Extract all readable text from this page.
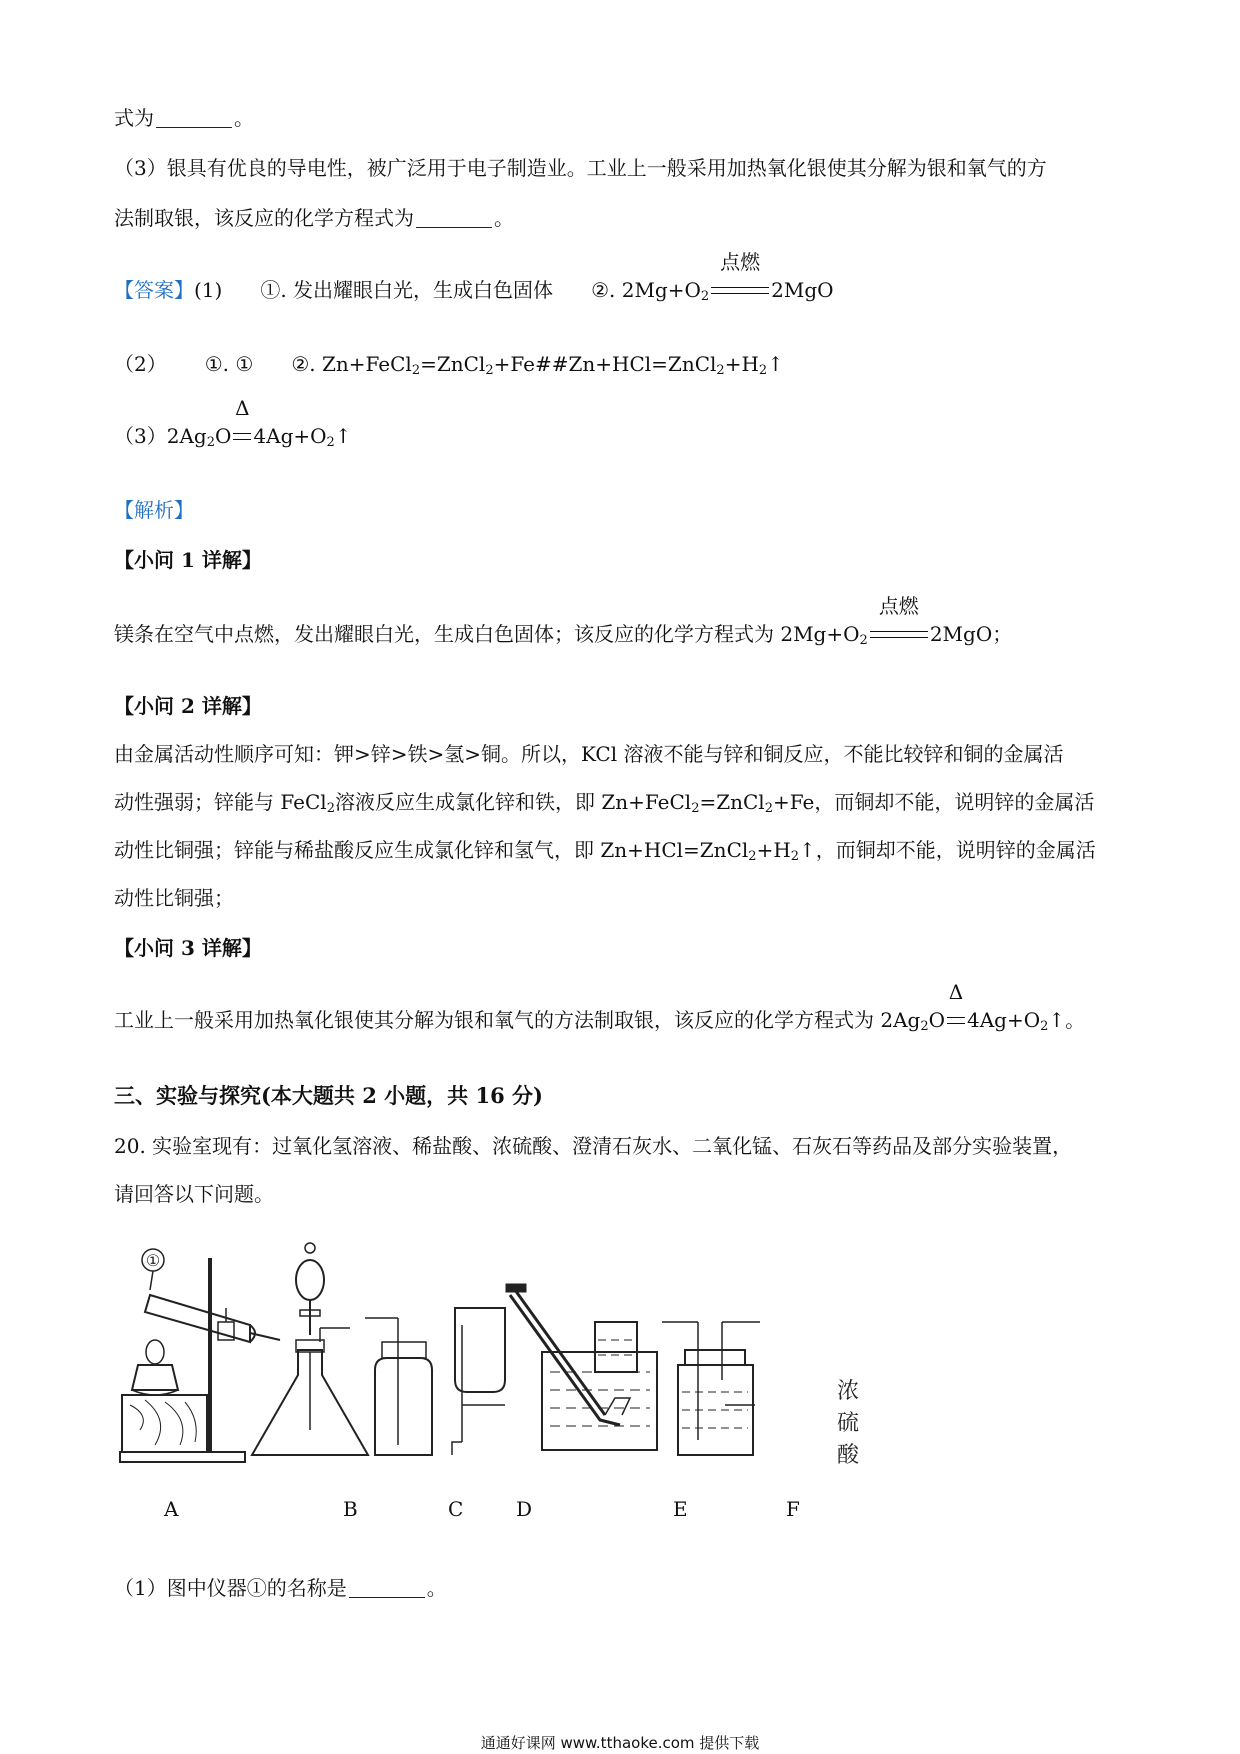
式为	。
（3）银具有优良的导电性，被广泛用于电子制造业。工业上一般采用加热氧化银使其分解为银和氧气的方
法制取银，该反应的化学方程式为	。
【答案】(1) ①. 发出耀眼白光，生成白色固体 ②. $2Mg+O_2$
点燃
2MgO
（2） ①. ① ②. $Zn+FeCl_2=ZnCl_2+Fe\#\#Zn+HCl=ZnCl_2+H_2↑$
$(3)2Ag_2O$
Δ
$4Ag+O_2↑$
【解析】
【小问 1 详解】
镁条在空气中点燃，发出耀眼白光，生成白色固体；该反应的化学方程式为 $2Mg+O_2$
点燃
2MgO；
【小问 2 详解】
由金属活动性顺序可知：钾>锌>铁>氢>铜。所以，KCl 溶液不能与锌和铜反应，不能比较锌和铜的金属活
动性强弱；锌能与 FeCl$_2$溶液反应生成氯化锌和铁，即 Zn+FeCl$_2$=ZnCl$_2$+Fe，而铜却不能，说明锌的金属活
动性比铜强；锌能与稀盐酸反应生成氯化锌和氢气，即 $Zn+HCl=ZnCl_2+H_2↑$，而铜却不能，说明锌的金属活
动性比铜强；
【小问 3 详解】
工业上一般采用加热氧化银使其分解为银和氧气的方法制取银，该反应的化学方程式为 $2Ag_2O$
Δ
$4Ag+O_2↑$。
三、实验与探究(本大题共 2 小题，共 16 分)
20. 实验室现有：过氧化氢溶液、稀盐酸、浓硫酸、澄清石灰水、二氧化锰、石灰石等药品及部分实验装置，
请回答以下问题。
①
浓
硫
酸
A	B	C	D	E	F
（1）图中仪器①的名称是	。
通通好课网 www.tthaoke.com 提供下载
